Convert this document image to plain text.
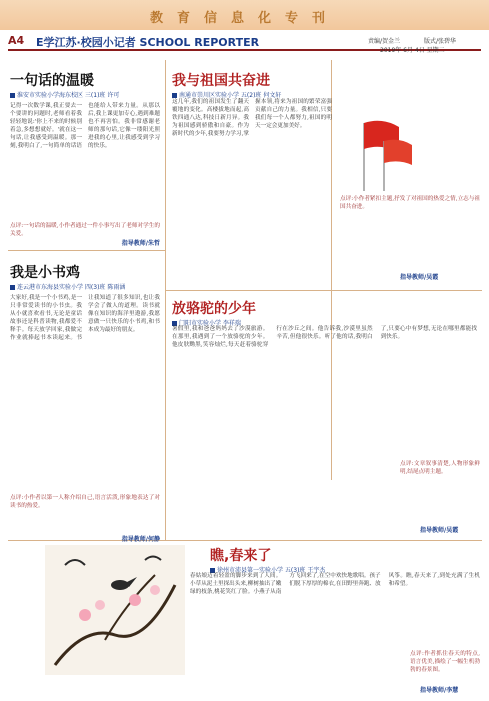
教育信息化专刊
A4 E学江苏·校园小记者 SCHOOL REPORTER	责编/贺金兰	版式/张碧华
2019年 6月 4日 星期二
一句话的温暖
淮安市实验小学海东校区 三(1)班 许可
记得一次数学课,我正要去一个要讲的问题时,老师看着我轻轻地说:'你上不来的时候别着急,多想想就好。'就在这一句话,让我感受到温暖。那一刻,我明白了,一句简单的话语也能给人带来力量。从那以后,我上课更加专心,遇到难题也不再害怕。我非常感谢老师的那句话,它像一缕阳光照进我的心里,让我感受到学习的快乐。
点评:一句话的温暖,小作者通过一件小事写出了老师对学生的关爱。
指导教师/朱哲
我是小书鸡
连云港市东海县实验小学 四(3)班 陈雨涵
大家好,我是一个小书鸡,是一只非常爱读书的小书虫。我从小就喜欢看书,无论是童话故事还是科普读物,我都爱不释手。每天放学回家,我做完作业就捧起书本读起来。书让我知道了很多知识,也让我学会了做人的道理。读书就像在知识的海洋里遨游,我愿意做一只快乐的小书鸡,和书本成为最好的朋友。
点评:小作者以第一人称介绍自己,语言活泼,形象地表达了对读书的热爱。
指导教师/何静
我与祖国共奋进
南通市崇川区实验小学 五(2)班 何文轩
这几年,我们的祖国发生了翻天覆地的变化。高楼拔地而起,高铁四通八达,科技日新月异。我为祖国感到骄傲和自豪。作为新时代的少年,我要努力学习,掌握本领,将来为祖国的繁荣富强贡献自己的力量。我相信,只要我们每一个人都努力,祖国的明天一定会更加美好。
点评:小作者紧扣主题,抒发了对祖国的热爱之情,立志与祖国共奋进。
指导教师/吴霞
放骆驼的少年
门阳市实验小学 李祥瑞
暑假里,我和爸爸妈妈去了沙漠旅游。在那里,我遇到了一个放骆驼的少年。他皮肤黝黑,笑容灿烂,每天赶着骆驼穿行在沙丘之间。他告诉我,沙漠里虽然辛苦,但他很快乐。听了他的话,我明白了,只要心中有梦想,无论在哪里都能找到快乐。
点评:文章叙事清楚,人物形象鲜明,结尾点明主题。
指导教师/吴霞
瞧,春来了
徐州市沛县第一实验小学 五(3)班 王宇杰
春姑娘迈着轻盈的脚步来到了人间。小草从泥土里探出头来,柳树抽出了嫩绿的枝条,桃花笑红了脸。小燕子从南方飞回来了,在空中欢快地歌唱。孩子们脱下厚厚的棉衣,在田野里奔跑、放风筝。瞧,春天来了,到处充满了生机和希望。
点评:作者抓住春天的特点,语言优美,描绘了一幅生机勃勃的春景图。
指导教师/李慧
